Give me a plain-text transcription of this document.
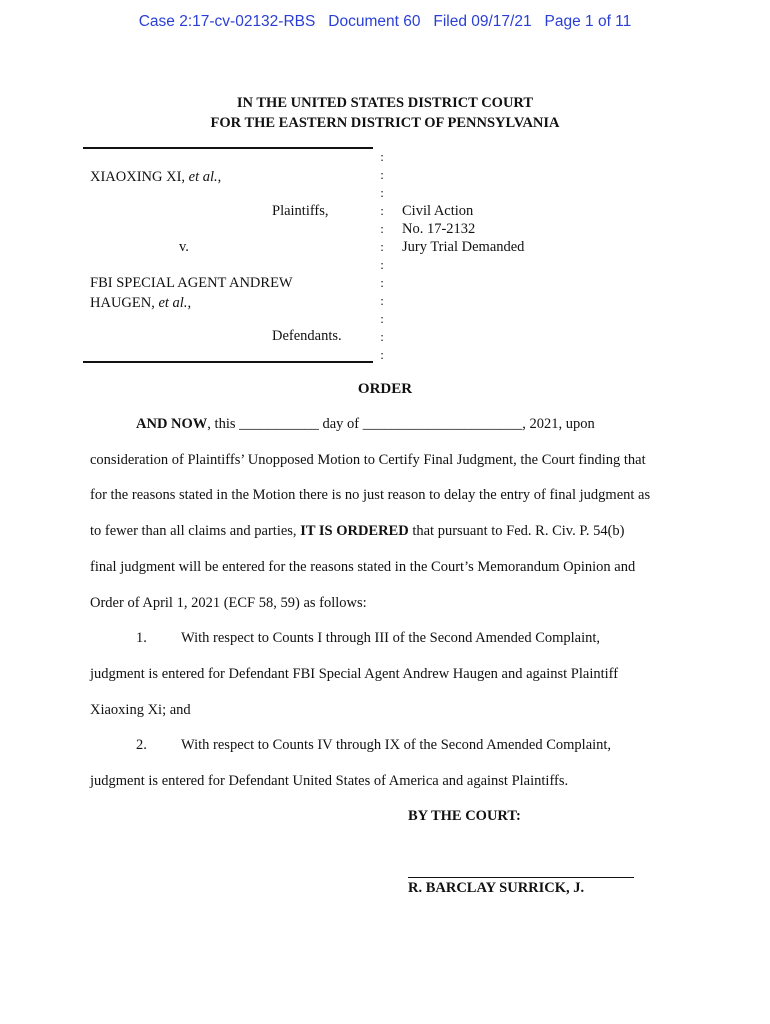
Case 2:17-cv-02132-RBS   Document 60   Filed 09/17/21   Page 1 of 11
IN THE UNITED STATES DISTRICT COURT
FOR THE EASTERN DISTRICT OF PENNSYLVANIA
:
:
:
:
:
:
:
:
:
:
:
:
XIAOXING XI, et al.,
Plaintiffs,
v.
FBI SPECIAL AGENT ANDREW
HAUGEN, et al.,
Defendants.
Civil Action
No. 17-2132
Jury Trial Demanded
ORDER
AND NOW, this ___________ day of ______________________, 2021, upon
consideration of Plaintiffs’ Unopposed Motion to Certify Final Judgment, the Court finding that
for the reasons stated in the Motion there is no just reason to delay the entry of final judgment as
to fewer than all claims and parties, IT IS ORDERED that pursuant to Fed. R. Civ. P. 54(b)
final judgment will be entered for the reasons stated in the Court’s Memorandum Opinion and
Order of April 1, 2021 (ECF 58, 59) as follows:
1. With respect to Counts I through III of the Second Amended Complaint,
judgment is entered for Defendant FBI Special Agent Andrew Haugen and against Plaintiff
Xiaoxing Xi; and
2. With respect to Counts IV through IX of the Second Amended Complaint,
judgment is entered for Defendant United States of America and against Plaintiffs.
BY THE COURT:
R. BARCLAY SURRICK, J.
